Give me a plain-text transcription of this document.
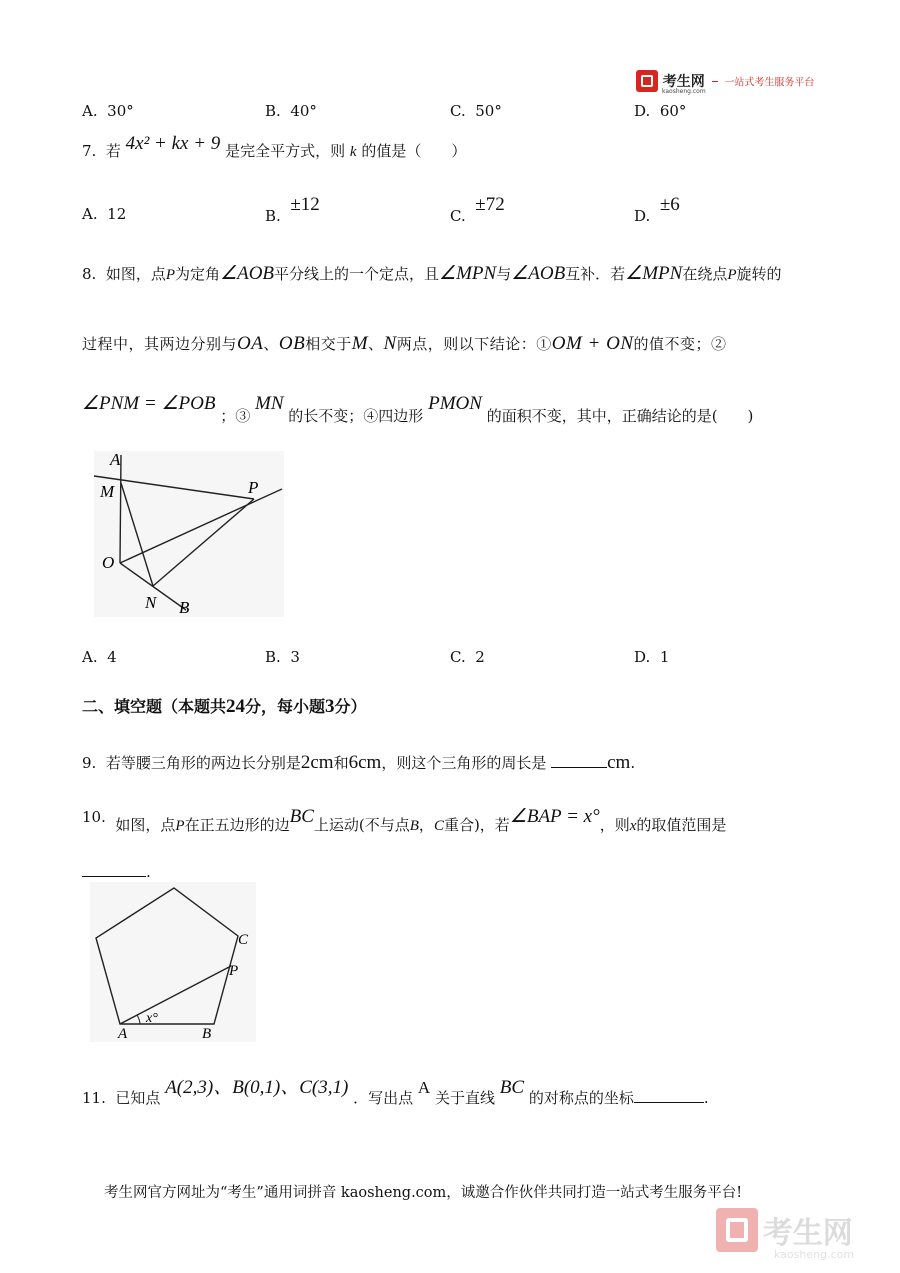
考生网
kaosheng.com
一站式考生服务平台
A. 30°	B. 40°	C. 50°	D. 60°
7. 若 4x² + kx + 9 是完全平方式，则 k 的值是（　　）
A. 12	B.  ±12
C.  ±72
D.  ±6
8. 如图，点P为定角∠AOB平分线上的一个定点，且∠MPN与∠AOB互补．若∠MPN在绕点P旋转的
过程中，其两边分别与OA、OB相交于M、N两点，则以下结论：①OM + ON的值不变；②
∠PNM = ∠POB ；③ MN 的长不变；④四边形 PMON 的面积不变，其中，正确结论的是(　　)
A
M	P
O
N B
A. 4	B. 3	C. 2	D. 1
二、填空题（本题共24分，每小题3分）
9. 若等腰三角形的两边长分别是2cm和6cm，则这个三角形的周长是	cm.
10. 如图，点P在正五边形的边BC上运动(不与点B，C重合)，若∠BAP = x°，则x的取值范围是
.
C
P
A	B
x°
11. 已知点 A(2,3)、B(0,1)、C(3,1) ．写出点 A 关于直线 BC 的对称点的坐标	.
考生网官方网址为“考生”通用词拼音 kaosheng.com，诚邀合作伙伴共同打造一站式考生服务平台!
考生网
kaosheng.com
